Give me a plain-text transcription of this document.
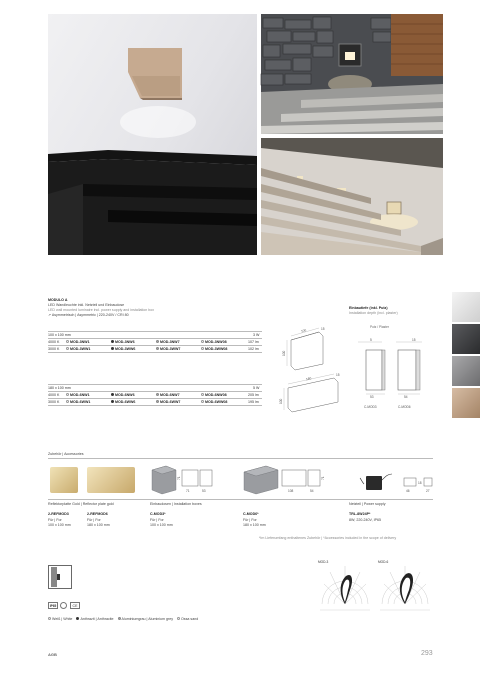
MODULO A
LED Wandleuchte inkl. Netzteil und Einbaudose
LED wall mounted luminaire incl. power supply and installation box
↗ Asymmetrisch | Asymmetric | 220-240V / CRI 80
100 x 100 mm	3 W
4000 K	MOD-3NW1	MOD-3NW6	MOD-3NW7	MOD-3NW08	107 lm
3000 K	MOD-3WW1	MOD-3WW6	MOD-3WW7	MOD-3WW08	102 lm
180 x 100 mm	5 W
4000 K	MOD-6NW1	MOD-6NW6	MOD-6NW7	MOD-6NW08	205 lm
3000 K	MOD-6WW1	MOD-6WW6	MOD-6WW7	MOD-6WW08	195 lm
100	15
100
180
15
100
Einbautiefe (inkl. Putz)
Installation depth (incl. plaster)
Putz / Plaster
5
53
C-MOD3
15
54
C-MOD6
Zubehör | Accessories
71	53
71
108	54
71
46	27
18
Reflektorplatte Gold | Reflector plate gold
2-REFMOD3	2-REFMOD6
Für | For	Für | For
100 x 100 mm	180 x 100 mm
Einbaudosen | Installation boxes
C-MOD3*	C-MOD6*
Für | For	Für | For
100 x 100 mm	180 x 100 mm
Netzteil | Power supply
TRL-8W24P*
8W; 220-240V, IP65
*Im Lieferumfang enthaltenes Zubehör | *Accessories included in the scope of delivery
MOD-3	MOD-6
IP65	CE
Weiß | White Anthrazit | Anthracite Aluminiumgrau | Aluminium grey Ossa sand
AGB	293
